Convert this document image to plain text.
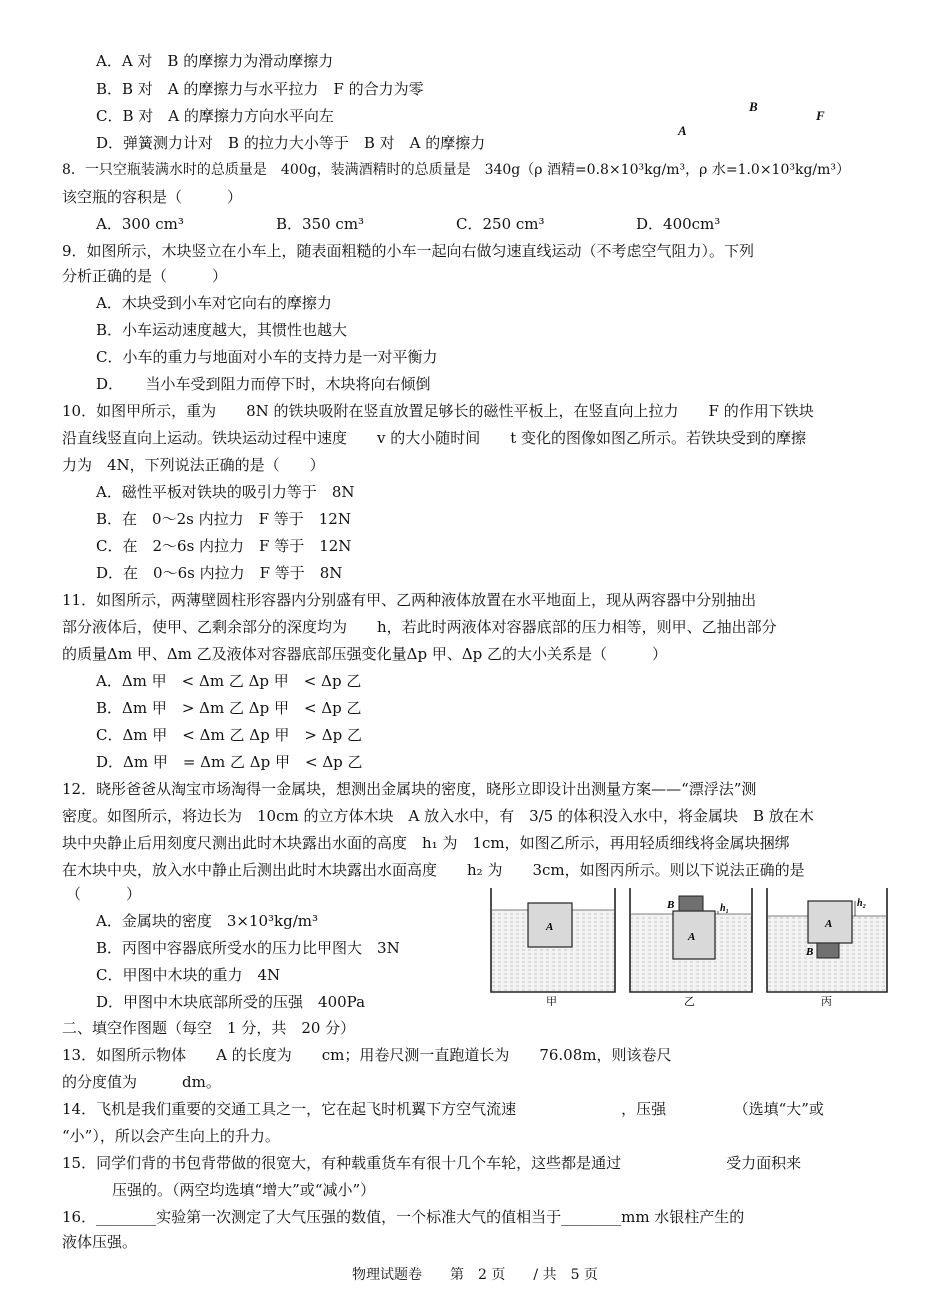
A．A 对　B 的摩擦力为滑动摩擦力
B．B 对　A 的摩擦力与水平拉力　F 的合力为零
C．B 对　A 的摩擦力方向水平向左
D．弹簧测力计对　B 的拉力大小等于　B 对　A 的摩擦力
B
F
A
8．一只空瓶装满水时的总质量是　400g，装满酒精时的总质量是　340g（ρ 酒精=0.8×10³kg/m³，ρ 水=1.0×10³kg/m³）
该空瓶的容积是（　　　）
A．300 cm³	B．350 cm³	C．250 cm³	D．400cm³
9．如图所示，木块竖立在小车上，随表面粗糙的小车一起向右做匀速直线运动（不考虑空气阻力）。下列
分析正确的是（　　　）
A．木块受到小车对它向右的摩擦力
B．小车运动速度越大，其惯性也越大
C．小车的重力与地面对小车的支持力是一对平衡力
D．　　当小车受到阻力而停下时，木块将向右倾倒
10．如图甲所示，重为　　8N 的铁块吸附在竖直放置足够长的磁性平板上，在竖直向上拉力　　F 的作用下铁块
沿直线竖直向上运动。铁块运动过程中速度　　v 的大小随时间　　t 变化的图像如图乙所示。若铁块受到的摩擦
力为　4N，下列说法正确的是（　　）
A．磁性平板对铁块的吸引力等于　8N
B．在　0～2s 内拉力　F 等于　12N
C．在　2～6s 内拉力　F 等于　12N
D．在　0～6s 内拉力　F 等于　8N
11．如图所示，两薄壁圆柱形容器内分别盛有甲、乙两种液体放置在水平地面上，现从两容器中分别抽出
部分液体后，使甲、乙剩余部分的深度均为　　h，若此时两液体对容器底部的压力相等，则甲、乙抽出部分
的质量Δm 甲、Δm 乙及液体对容器底部压强变化量Δp 甲、Δp 乙的大小关系是（　　　）
A．Δm 甲　< Δm 乙 Δp 甲　< Δp 乙
B．Δm 甲　> Δm 乙 Δp 甲　< Δp 乙
C．Δm 甲　< Δm 乙 Δp 甲　> Δp 乙
D．Δm 甲　= Δm 乙 Δp 甲　< Δp 乙
12．晓彤爸爸从淘宝市场淘得一金属块，想测出金属块的密度，晓彤立即设计出测量方案——“漂浮法”测
密度。如图所示，将边长为　10cm 的立方体木块　A 放入水中，有　3/5 的体积没入水中，将金属块　B 放在木
块中央静止后用刻度尺测出此时木块露出水面的高度　h₁ 为　1cm，如图乙所示，再用轻质细线将金属块捆绑
在木块中央，放入水中静止后测出此时木块露出水面高度　　h₂ 为　　3cm，如图丙所示。则以下说法正确的是
（　　　）
A．金属块的密度　3×10³kg/m³
B．丙图中容器底所受水的压力比甲图大　3N
C．甲图中木块的重力　4N
D．甲图中木块底部所受的压强　400Pa
A
B	h₁
A
h₂
A
B
甲	乙	丙
二、填空作图题（每空　1 分，共　20 分）
13．如图所示物体　　A 的长度为　　cm；用卷尺测一直跑道长为　　76.08m，则该卷尺
的分度值为　　　dm。
14．飞机是我们重要的交通工具之一，它在起飞时机翼下方空气流速　　　　　　　，压强　　　　　（选填“大”或
“小”），所以会产生向上的升力。
15．同学们背的书包背带做的很宽大，有种载重货车有很十几个车轮，这些都是通过　　　　　　　受力面积来
压强的。（两空均选填“增大”或“减小”）
16．________实验第一次测定了大气压强的数值，一个标准大气的值相当于________mm 水银柱产生的
液体压强。
物理试题卷　　第　2 页　　/ 共　5 页
